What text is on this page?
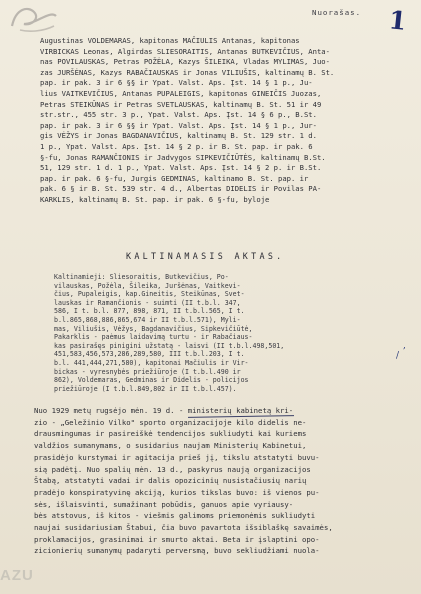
Nuorašas. 1
Augustinas VOLDEMARAS, kapitonas MAČIULIS Antanas, kapitonas
VIRBICKAS Leonas, Algirdas SLIESORAITIS, Antanas BUTKEVIČIUS, Anta-
nas POVILAUSKAS, Petras POŽĖLA, Kazys ŠILEIKA, Vladas MYLIMAS, Juo-
zas JURŠĖNAS, Kazys RABAČIAUSKAS ir Jonas VILIUŠIS, kaltinamų B. St.
pap. ir pak. 3 ir 6 §§ ir Ypat. Valst. Aps. Įst. 14 § 1 p., Ju-
lius VAITKEVIČIUS, Antanas PUPALEIGIS, kapitonas GINEIČIS Juozas,
Petras STEIKŪNAS ir Petras SVETLAUSKAS, kaltinamų B. St. 51 ir 49
str.str., 455 str. 3 p., Ypat. Valst. Aps. Įst. 14 § 6 p., B.St.
pap. ir pak. 3 ir 6 §§ ir Ypat. Valst. Aps. Įst. 14 § 1 p., Jur-
gis VĖŽYS ir Jonas BAGDANAVIČIUS, kaltinamų B. St. 129 str. 1 d.
1 p., Ypat. Valst. Aps. Įst. 14 § 2 p. ir B. St. pap. ir pak. 6
§-fu, Jonas RAMANČIONIS ir Jadvygos SIPKEVIČIŪTĖS, kaltinamų B.St.
51, 129 str. 1 d. 1 p., Ypat. Valst. Aps. Įst. 14 § 2 p. ir B.St.
pap. ir pak. 6 §-fu, Jurgis GEDMINAS, kaltinamo B. St. pap. ir
pak. 6 § ir B. St. 539 str. 4 d., Albertas DIDELIS ir Povilas PA-
KARKLIS, kaltinamų B. St. pap. ir pak. 6 §-fu, byloje
KALTINAMASIS AKTAS.
Kaltinamieji: Sliesoraitis, Butkevičius, Po-
vilauskas, Požėla, Šileika, Juršėnas, Vaitkevi-
čius, Pupaleigis, kap.Gineitis, Steikūnas, Svet-
lauskas ir Ramančionis - suimti (II t.b.l. 347,
586, I t. b.l. 877, 898, 871, II t.b.l.565, I t.
b.l.865,868,886,865,674 ir II t.b.l.571), Myli-
mas, Viliušis, Vėžys, Bagdanavičius, Sipkevičiūtė,
Pakarklis - paėmus laidavimą turtu - ir Rabačiaus-
kas pasirašęs pinigini užstatą - laisvi (II t.b.l.498,501,
451,583,456,573,286,289,580, III t.b.l.203, I t.
b.l. 441,444,271,580), kapitonai Mačiulis ir Vir-
bickas - vyresnybės priežiūroje (I t.b.l.490 ir
862), Voldemaras, Gedminas ir Didelis - policijos
priežiūroje (I t.b.l.849,802 ir II t.b.l.457).
,
/
Nuo 1929 metų rugsėjo mėn. 19 d. - ministerių kabinetą kri-
zio - „Geležinio Vilko" sporto organizacijoje kilo didelis ne-
drausmingumas ir pasireiškė tendencijos sukliudyti kai kuriems
valdžios sumanymams, o susidarius naujam Ministerių Kabinetui,
prasidėjo kurstymai ir agitacija prieš jį, tikslu atstatyti buvu-
sią padėtį. Nuo spalių mėn. 13 d., paskyrus naują organizacijos
Štabą, atstatyti vadai ir dalis opozicinių nusistačiusių narių
pradėjo konspiratyvinę akciją, kurios tikslas buvo: iš vienos pu-
sės, išlaisvinti, sumažinant pobūdis, ganuos apie vyriausy-
bės atstovus, iš kitos - viešmis galimoms priemonėmis sukliudyti
naujai susidariusiam Štabui, čia buvo pavartota išsiblaškę savaimės,
proklamacijos, grasinimai ir smurto aktai. Beta ir įslaptini opo-
zicionierių sumanymų padaryti perversmą, buvo sekliudžiami nuola-
AZU
